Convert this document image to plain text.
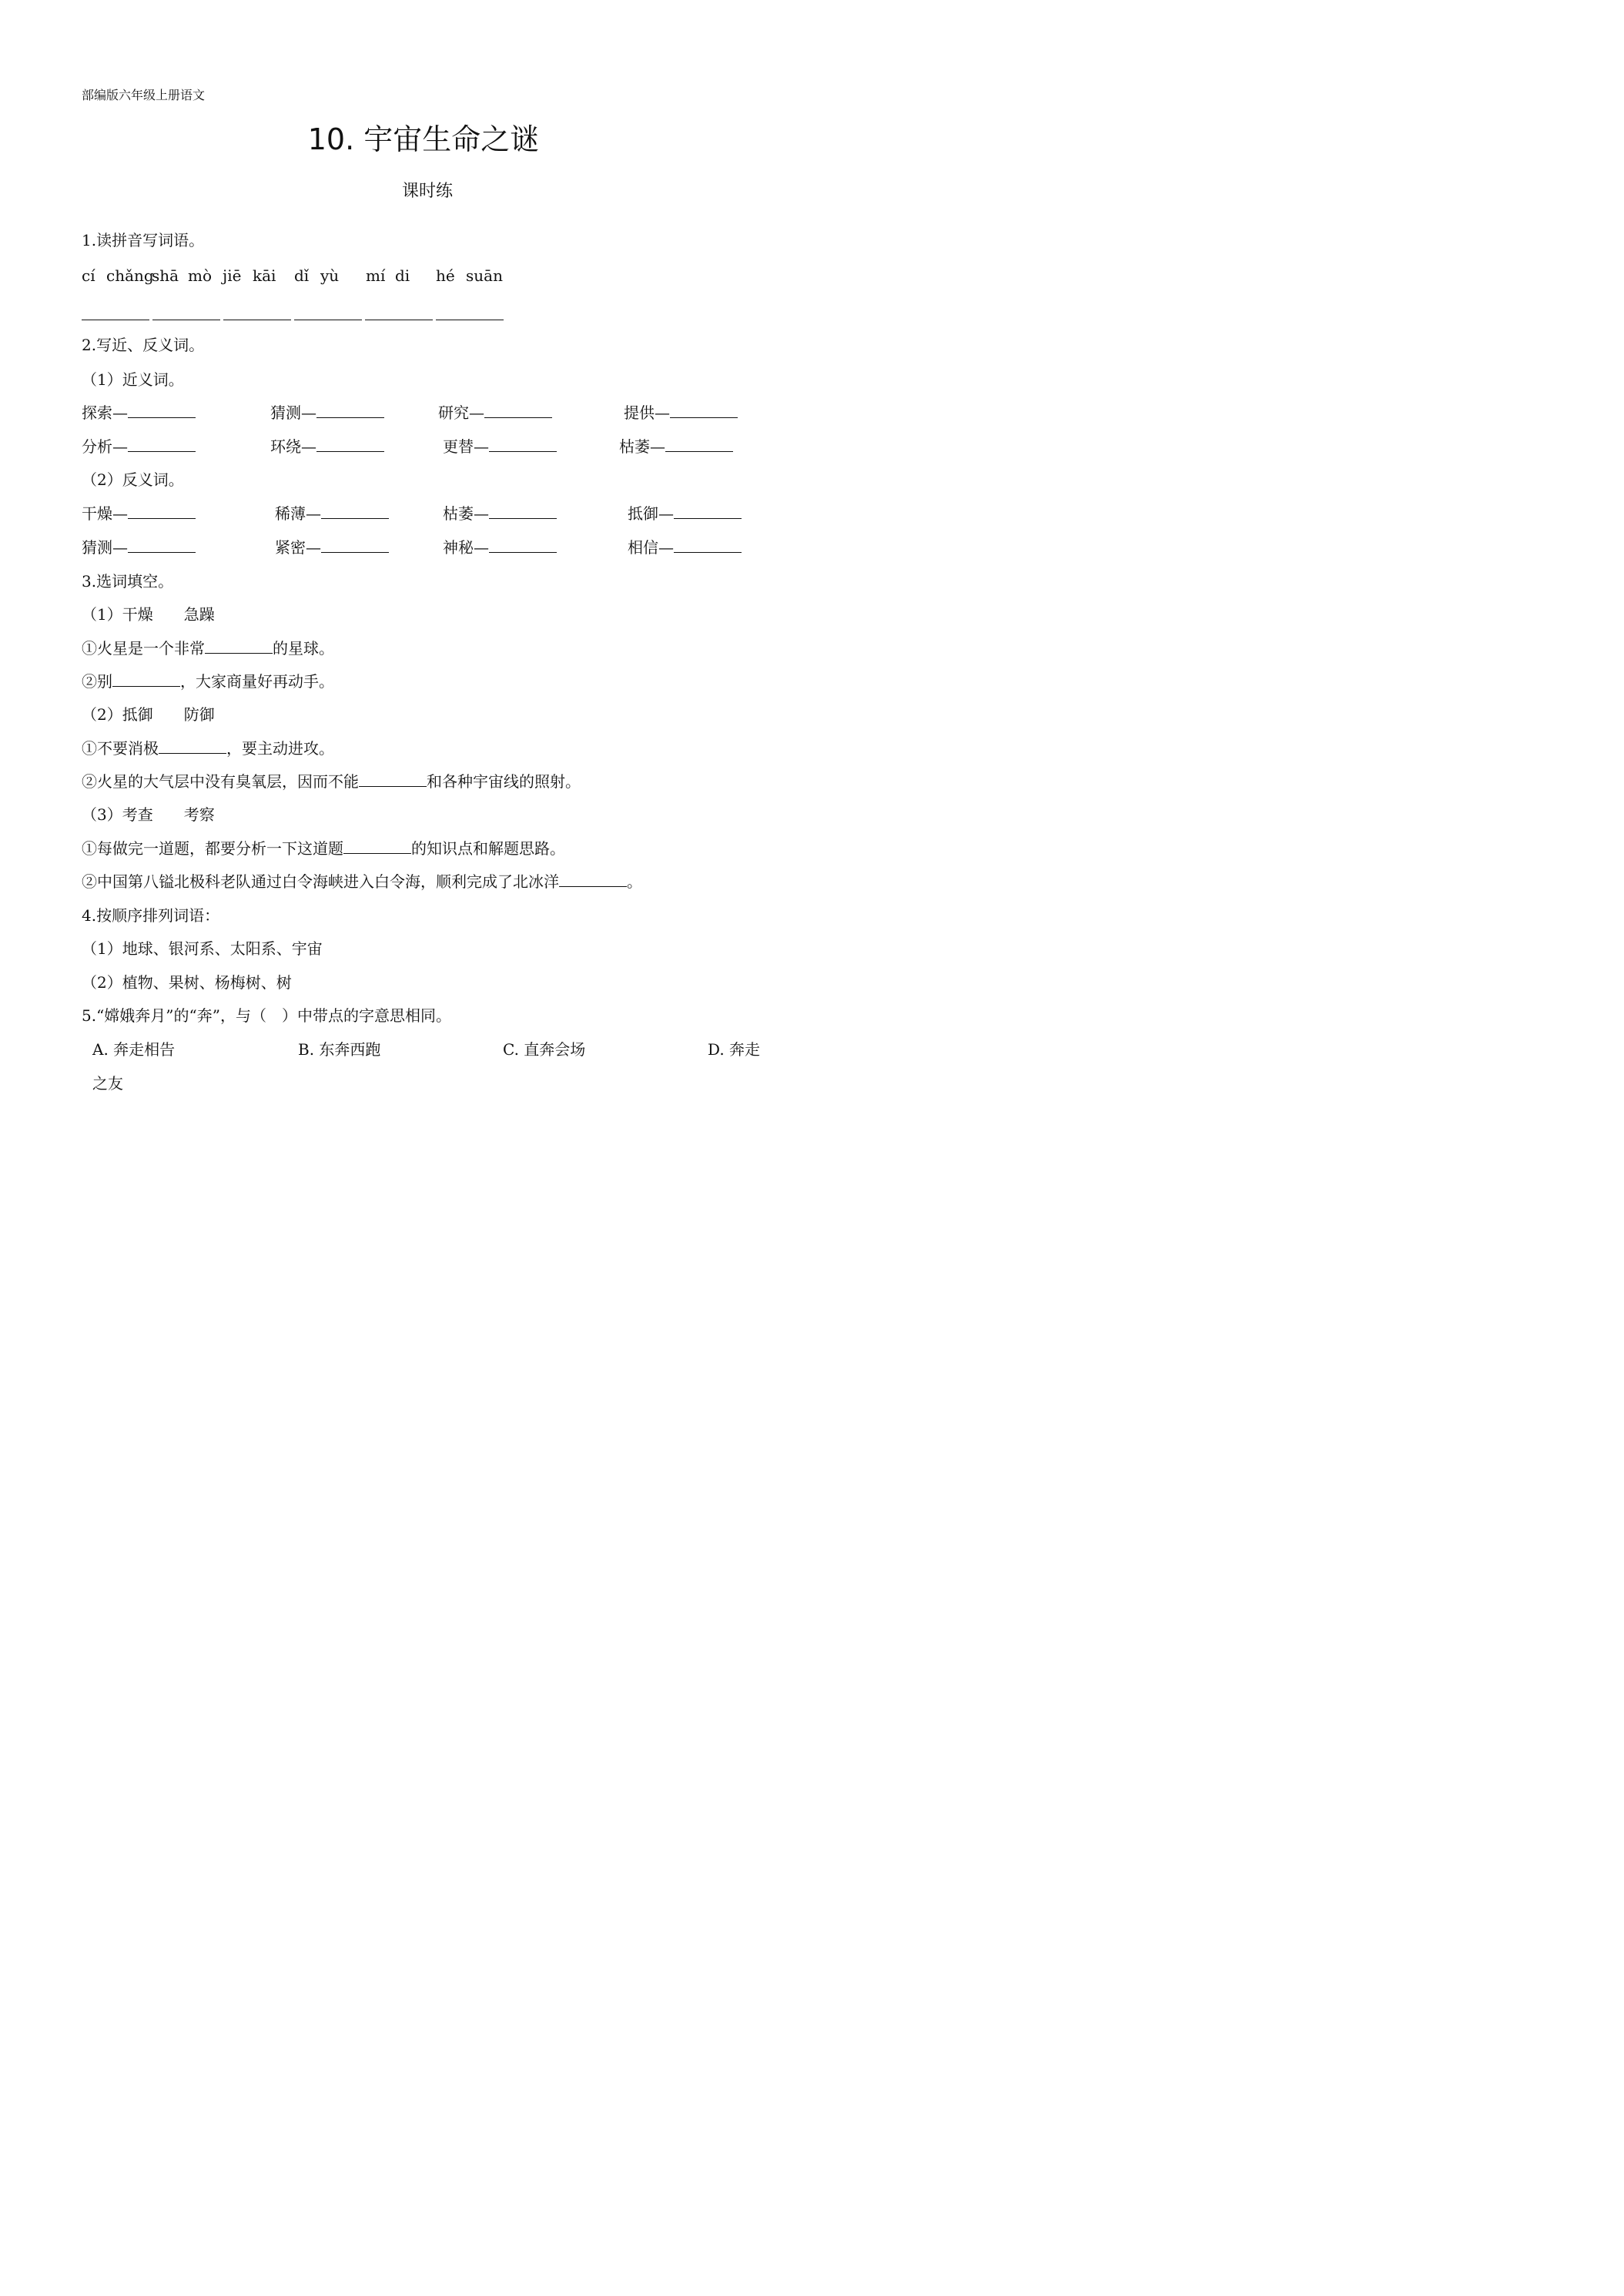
部编版六年级上册语文
10. 宇宙生命之谜
课时练
1.读拼音写词语。
cí chǎng
shā mò jiē kāi dǐ yù mí di hé suān
2.写近、反义词。
（1）近义词。
探索—	猜测—	研究—	提供—
分析—	环绕—	更替—	枯萎—
（2）反义词。
干燥—	稀薄—	枯萎—	抵御—
猜测—	紧密—	神秘—	相信—
3.选词填空。
（1）干燥　　急躁
①火星是一个非常	的星球。
②别	，大家商量好再动手。
（2）抵御　　防御
①不要消极	，要主动进攻。
②火星的大气层中没有臭氧层，因而不能	和各种宇宙线的照射。
（3）考查　　考察
①每做完一道题，都要分析一下这道题	的知识点和解题思路。
②中国第八镒北极科老队通过白令海峡进入白令海，顺利完成了北冰洋	。
4.按顺序排列词语：
（1）地球、银河系、太阳系、宇宙
（2）植物、果树、杨梅树、树
5.“嫦娥奔月”的“奔”，与（　）中带点的字意思相同。
A. 奔走相告	B. 东奔西跑	C. 直奔会场	D. 奔走
之友
